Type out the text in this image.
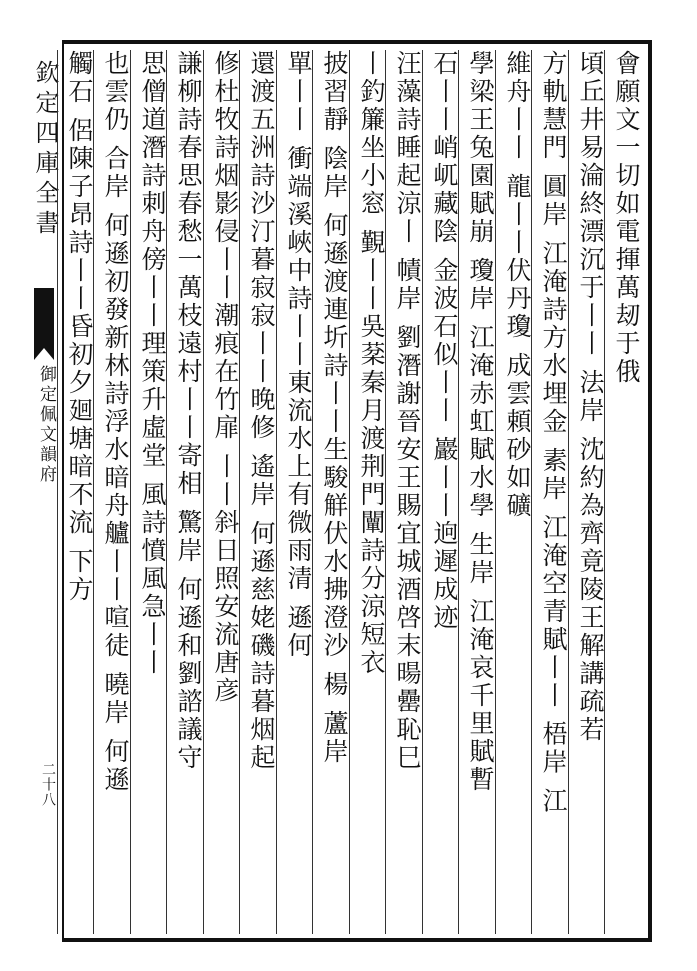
欽定四庫全書
御定佩文韻府
二十八
會願文一切如電揮萬刼于俄
頃丘井易淪終漂沉于丨丨 法岸 沈約為齊竟陵王解講疏若
方軌慧門 圓岸 江淹詩方水埋金 素岸 江淹空青賦丨丨 梧岸 江
維舟丨丨 龍丨丨伏丹瓊 成雲頼砂如礦
學梁王兔園賦崩 瓊岸 江淹赤虹賦水學 生岸 江淹哀千里賦暫
石丨丨峭屼藏陰 金波石似丨丨 巖丨丨逈遲成迹
汪藻詩睡起涼丨 幘岸 劉潛謝晉安王賜宜城酒啓末暘罍恥巳
丨釣簾坐小窓 覲丨丨吳棻秦月渡荆門闡詩分涼短衣
披習靜 陰岸 何遜渡連圻詩丨丨生駿觧伏水拂澄沙 楊 蘆岸
單丨丨 衝端溪峽中詩丨丨東流水上有微雨清 遜何
還渡五洲詩沙汀暮寂寂丨丨晚修 遙岸 何遜慈姥磯詩暮烟起
修杜牧詩烟影侵丨丨潮痕在竹扉 丨丨斜日照安流唐彦
謙柳詩春思春愁一萬枝遠村丨丨寄相 驚岸 何遜和劉諮議守
思僧道潛詩刺舟傍丨丨理策升虛堂 風詩憤風急丨丨
也雲仍 合岸 何遜初發新林詩浮水暗舟艫丨丨喧徒 曉岸 何遜
觸石 侶陳子昂詩丨丨昏初夕廻塘暗不流 下方
